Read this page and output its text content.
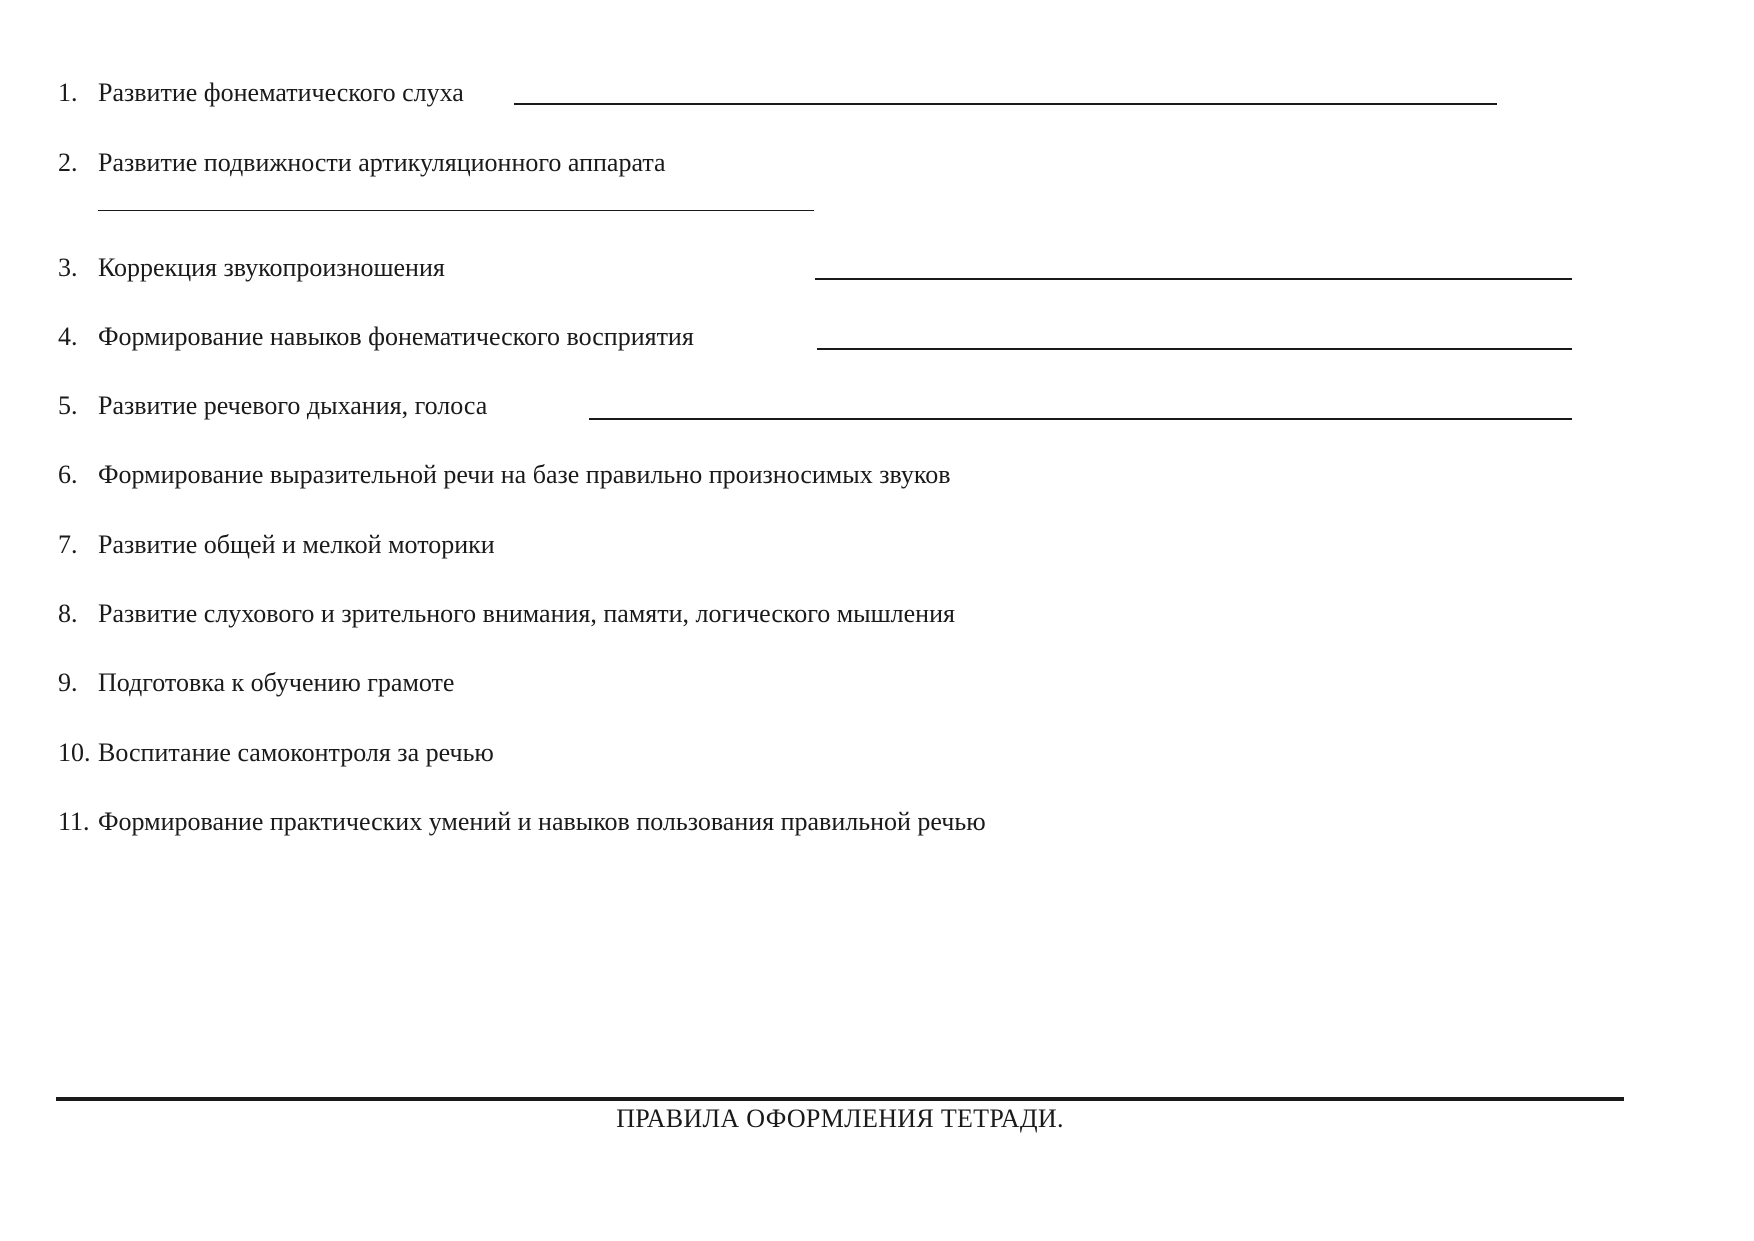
1. Развитие фонематического слуха
2. Развитие подвижности артикуляционного аппарата
3. Коррекция звукопроизношения
4. Формирование навыков фонематического восприятия
5. Развитие речевого дыхания, голоса
6. Формирование выразительной речи на базе правильно произносимых звуков
7. Развитие общей и мелкой моторики
8. Развитие слухового и зрительного внимания, памяти, логического мышления
9. Подготовка к обучению грамоте
10. Воспитание самоконтроля за речью
11. Формирование практических умений и навыков пользования правильной речью
ПРАВИЛА ОФОРМЛЕНИЯ ТЕТРАДИ.
